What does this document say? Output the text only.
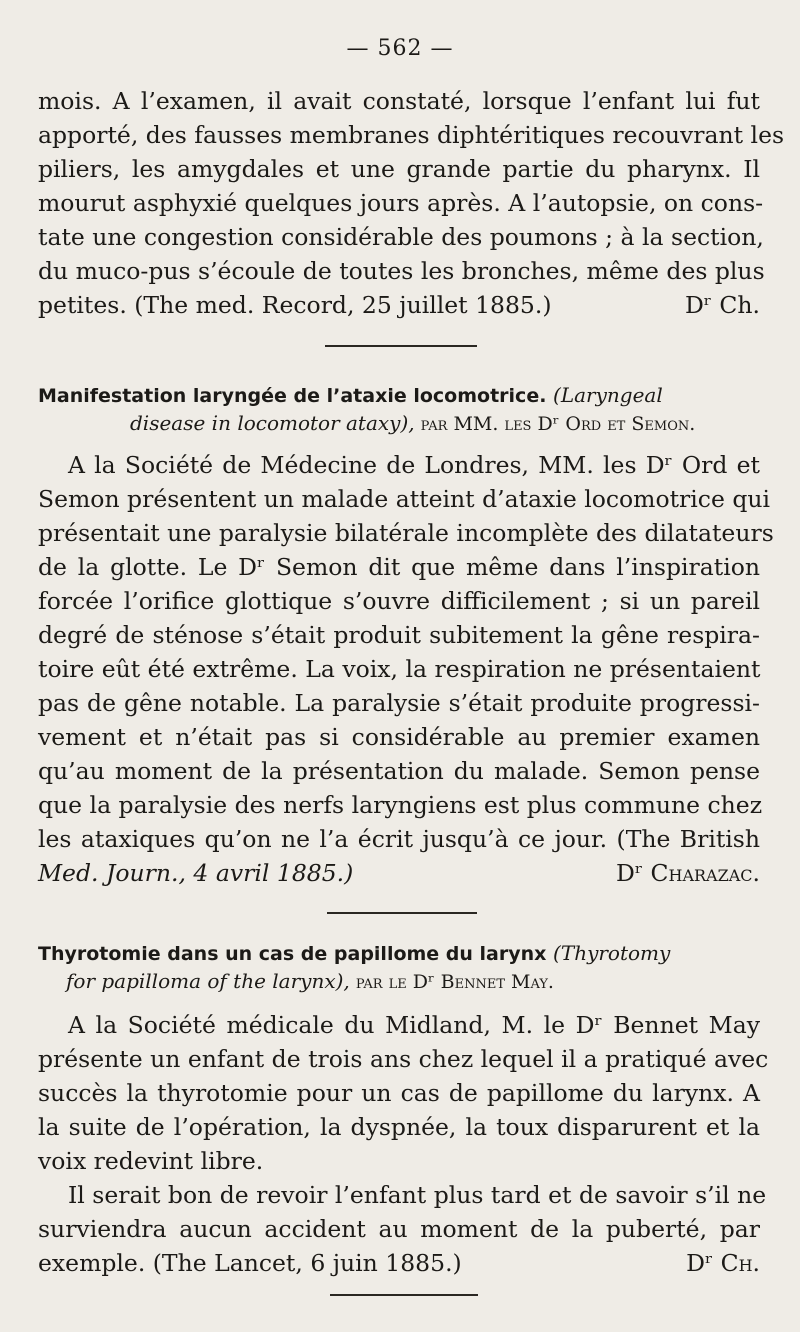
— 562 —
mois. A l’examen, il avait constaté, lorsque l’enfant lui fut
apporté, des fausses membranes diphtéritiques recouvrant les
piliers, les amygdales et une grande partie du pharynx. Il
mourut asphyxié quelques jours après. A l’autopsie, on cons-
tate une congestion considérable des poumons ; à la section,
du muco-pus s’écoule de toutes les bronches, même des plus
petites. (The med. Record, 25 juillet 1885.)	Dʳ Ch.
Manifestation laryngée de l’ataxie locomotrice. (Laryngeal
disease in locomotor ataxy), par MM. les Dʳ Ord et Semon.
A la Société de Médecine de Londres, MM. les Dʳ Ord et
Semon présentent un malade atteint d’ataxie locomotrice qui
présentait une paralysie bilatérale incomplète des dilatateurs
de la glotte. Le Dʳ Semon dit que même dans l’inspiration
forcée l’orifice glottique s’ouvre difficilement ; si un pareil
degré de sténose s’était produit subitement la gêne respira-
toire eût été extrême. La voix, la respiration ne présentaient
pas de gêne notable. La paralysie s’était produite progressi-
vement et n’était pas si considérable au premier examen
qu’au moment de la présentation du malade. Semon pense
que la paralysie des nerfs laryngiens est plus commune chez
les ataxiques qu’on ne l’a écrit jusqu’à ce jour. (The British
Med. Journ., 4 avril 1885.)	Dʳ Charazac.
Thyrotomie dans un cas de papillome du larynx (Thyrotomy
for papilloma of the larynx), par le Dʳ Bennet May.
A la Société médicale du Midland, M. le Dʳ Bennet May
présente un enfant de trois ans chez lequel il a pratiqué avec
succès la thyrotomie pour un cas de papillome du larynx. A
la suite de l’opération, la dyspnée, la toux disparurent et la
voix redevint libre.
Il serait bon de revoir l’enfant plus tard et de savoir s’il ne
surviendra aucun accident au moment de la puberté, par
exemple. (The Lancet, 6 juin 1885.)	Dʳ Ch.
